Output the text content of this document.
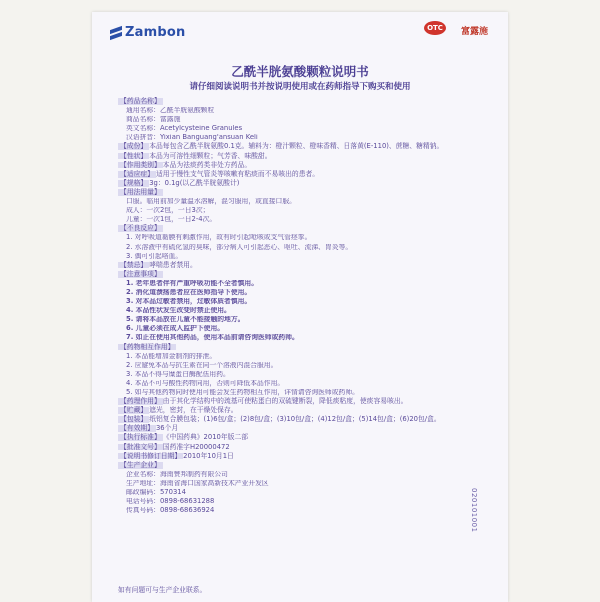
Zambon	OTC	富露施
乙酰半胱氨酸颗粒说明书
请仔细阅读说明书并按说明使用或在药师指导下购买和使用
【药品名称】
通用名称：乙酰半胱氨酸颗粒
商品名称：富露施
英文名称：Acetylcysteine Granules
汉语拼音：Yixian Banguang'ansuan Keli
【成份】 本品每包含乙酰半胱氨酸0.1克。辅料为：橙汁颗粒、橙味香精、日落黄(E-110)、蔗糖、糖精钠。
【性状】 本品为可溶性细颗粒；气芳香、味酸甜。
【作用类别】 本品为祛痰药类非处方药品。
【适应症】 适用于慢性支气管炎等咳嗽有粘痰而不易咳出的患者。
【规格】 3g：0.1g(以乙酰半胱氨酸计)
【用法用量】
口服。临用前加少量温水溶解，混匀服用，或直接口服。
成人：一次2包，一日3次；
儿童：一次1包，一日2-4次。
【不良反应】
1. 对呼吸道黏膜有刺激作用，故有时引起呛咳或支气管痉挛。
2. 水溶液中有硫化氢的臭味，部分病人可引起恶心、呕吐、流涕、胃炎等。
3. 偶可引起咯血。
【禁忌】 哮喘患者禁用。
【注意事项】
1. 老年患者伴有严重呼吸功能不全者慎用。
2. 消化道溃疡患者应在医师指导下使用。
3. 对本品过敏者禁用，过敏体质者慎用。
4. 本品性状发生改变时禁止使用。
5. 请将本品放在儿童不能接触的地方。
6. 儿童必须在成人监护下使用。
7. 如正在使用其他药品，使用本品前请咨询医师或药师。
【药物相互作用】
1. 本品能增加金制剂的排泄。
2. 应避免本品与抗生素在同一个溶液内混合服用。
3. 本品不得与糜蛋白酶配伍用药。
4. 本品不可与酸性药物同用，否则可降低本品作用。
5. 如与其他药物同时使用可能会发生药物相互作用，详情请咨询医师或药师。
【药理作用】 由于其化学结构中的巯基可使粘蛋白的双硫键断裂，降低痰粘度，使痰容易咳出。
【贮藏】 遮光，密封，在干燥处保存。
【包装】 纸铝复合膜包装；(1)6包/盒；(2)8包/盒；(3)10包/盒；(4)12包/盒；(5)14包/盒；(6)20包/盒。
【有效期】 36个月
【执行标准】 《中国药典》2010年版二部
【批准文号】 国药准字H20000472
【说明书修订日期】 2010年10月1日
【生产企业】
企业名称：海南赞邦制药有限公司
生产地址：海南省海口国家高新技术产业开发区
邮政编码：570314
电话号码：0898-68631288
传真号码：0898-68636924	020101001
如有问题可与生产企业联系。
